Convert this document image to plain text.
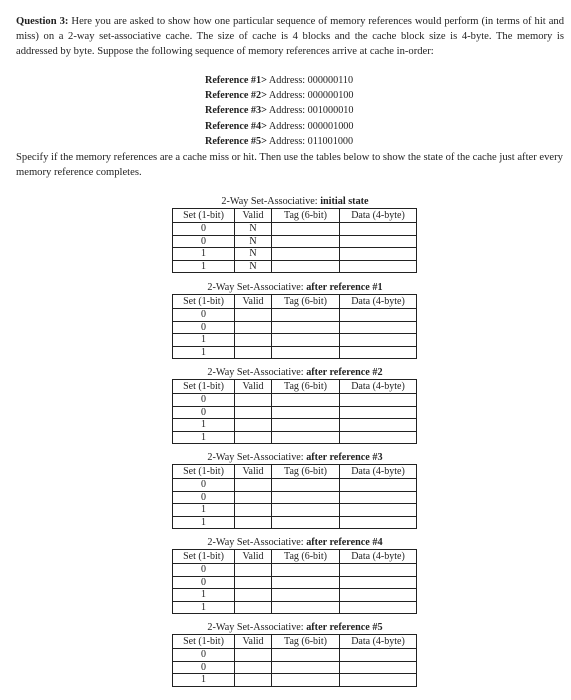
Question 3: Here you are asked to show how one particular sequence of memory references would perform (in terms of hit and miss) on a 2-way set-associative cache. The size of cache is 4 blocks and the cache block size is 4-byte. The memory is addressed by byte. Suppose the following sequence of memory references arrive at cache in-order:

Reference #1> Address: 000000110
Reference #2> Address: 000000100
Reference #3> Address: 001000010
Reference #4> Address: 000001000
Reference #5> Address: 011001000

Specify if the memory references are a cache miss or hit. Then use the tables below to show the state of the cache just after every memory reference completes.

2-Way Set-Associative: initial state
Set (1-bit)	Valid	Tag (6-bit)	Data (4-byte)
0	N		
0	N		
1	N		
1	N		
2-Way Set-Associative: after reference #1
Set (1-bit)	Valid	Tag (6-bit)	Data (4-byte)
0			
0			
1			
1			
2-Way Set-Associative: after reference #2
Set (1-bit)	Valid	Tag (6-bit)	Data (4-byte)
0			
0			
1			
1			
2-Way Set-Associative: after reference #3
Set (1-bit)	Valid	Tag (6-bit)	Data (4-byte)
0			
0			
1			
1			
2-Way Set-Associative: after reference #4
Set (1-bit)	Valid	Tag (6-bit)	Data (4-byte)
0			
0			
1			
1			
2-Way Set-Associative: after reference #5
Set (1-bit)	Valid	Tag (6-bit)	Data (4-byte)
0			
0			
1			
